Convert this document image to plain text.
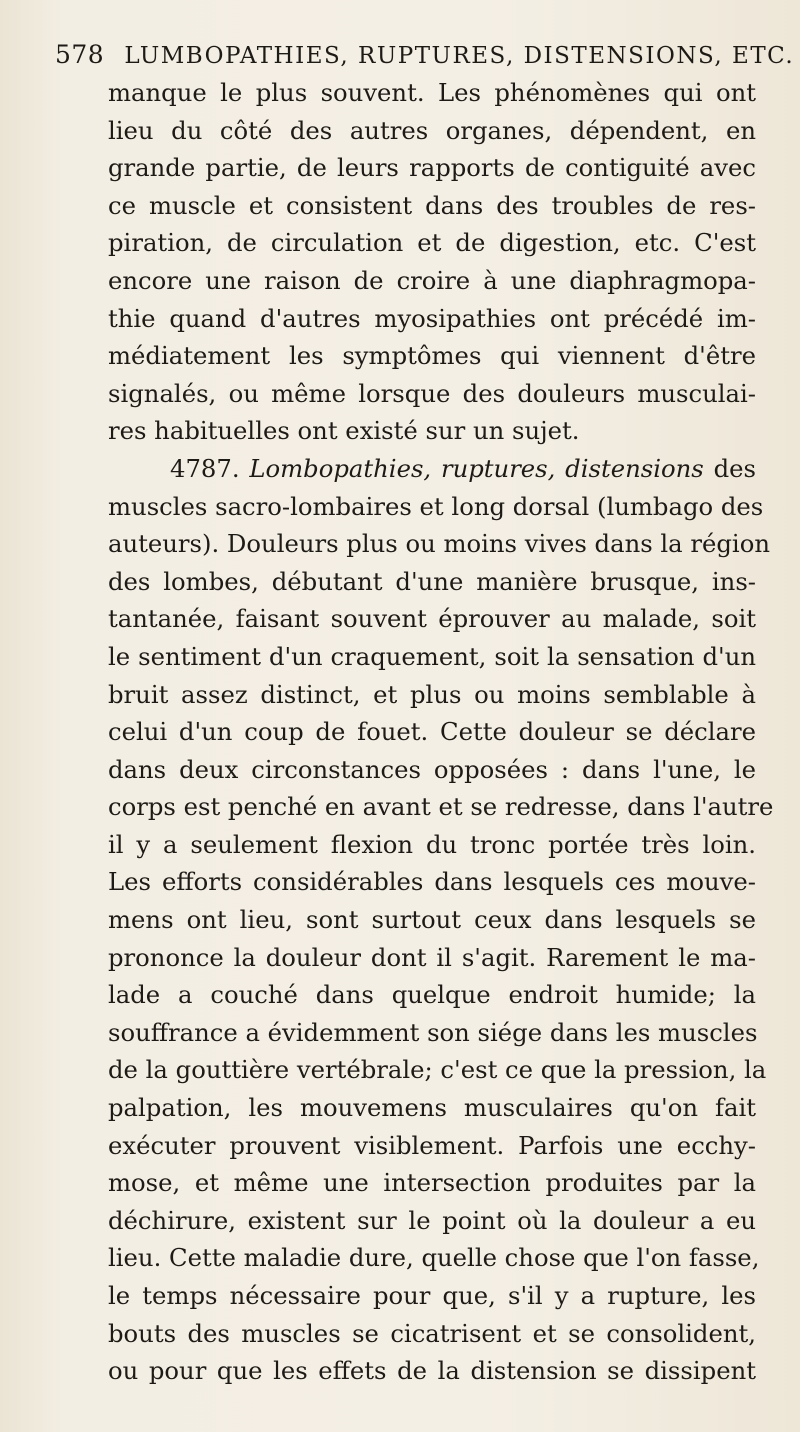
578 LUMBOPATHIES, RUPTURES, DISTENSIONS, ETC.
manque le plus souvent. Les phénomènes qui ont
lieu du côté des autres organes, dépendent, en
grande partie, de leurs rapports de contiguité avec
ce muscle et consistent dans des troubles de res-
piration, de circulation et de digestion, etc. C'est
encore une raison de croire à une diaphragmopa-
thie quand d'autres myosipathies ont précédé im-
médiatement les symptômes qui viennent d'être
signalés, ou même lorsque des douleurs musculai-
res habituelles ont existé sur un sujet.
4787. Lombopathies, ruptures, distensions des
muscles sacro-lombaires et long dorsal (lumbago des
auteurs). Douleurs plus ou moins vives dans la région
des lombes, débutant d'une manière brusque, ins-
tantanée, faisant souvent éprouver au malade, soit
le sentiment d'un craquement, soit la sensation d'un
bruit assez distinct, et plus ou moins semblable à
celui d'un coup de fouet. Cette douleur se déclare
dans deux circonstances opposées : dans l'une, le
corps est penché en avant et se redresse, dans l'autre
il y a seulement flexion du tronc portée très loin.
Les efforts considérables dans lesquels ces mouve-
mens ont lieu, sont surtout ceux dans lesquels se
prononce la douleur dont il s'agit. Rarement le ma-
lade a couché dans quelque endroit humide; la
souffrance a évidemment son siége dans les muscles
de la gouttière vertébrale; c'est ce que la pression, la
palpation, les mouvemens musculaires qu'on fait
exécuter prouvent visiblement. Parfois une ecchy-
mose, et même une intersection produites par la
déchirure, existent sur le point où la douleur a eu
lieu. Cette maladie dure, quelle chose que l'on fasse,
le temps nécessaire pour que, s'il y a rupture, les
bouts des muscles se cicatrisent et se consolident,
ou pour que les effets de la distension se dissipent
